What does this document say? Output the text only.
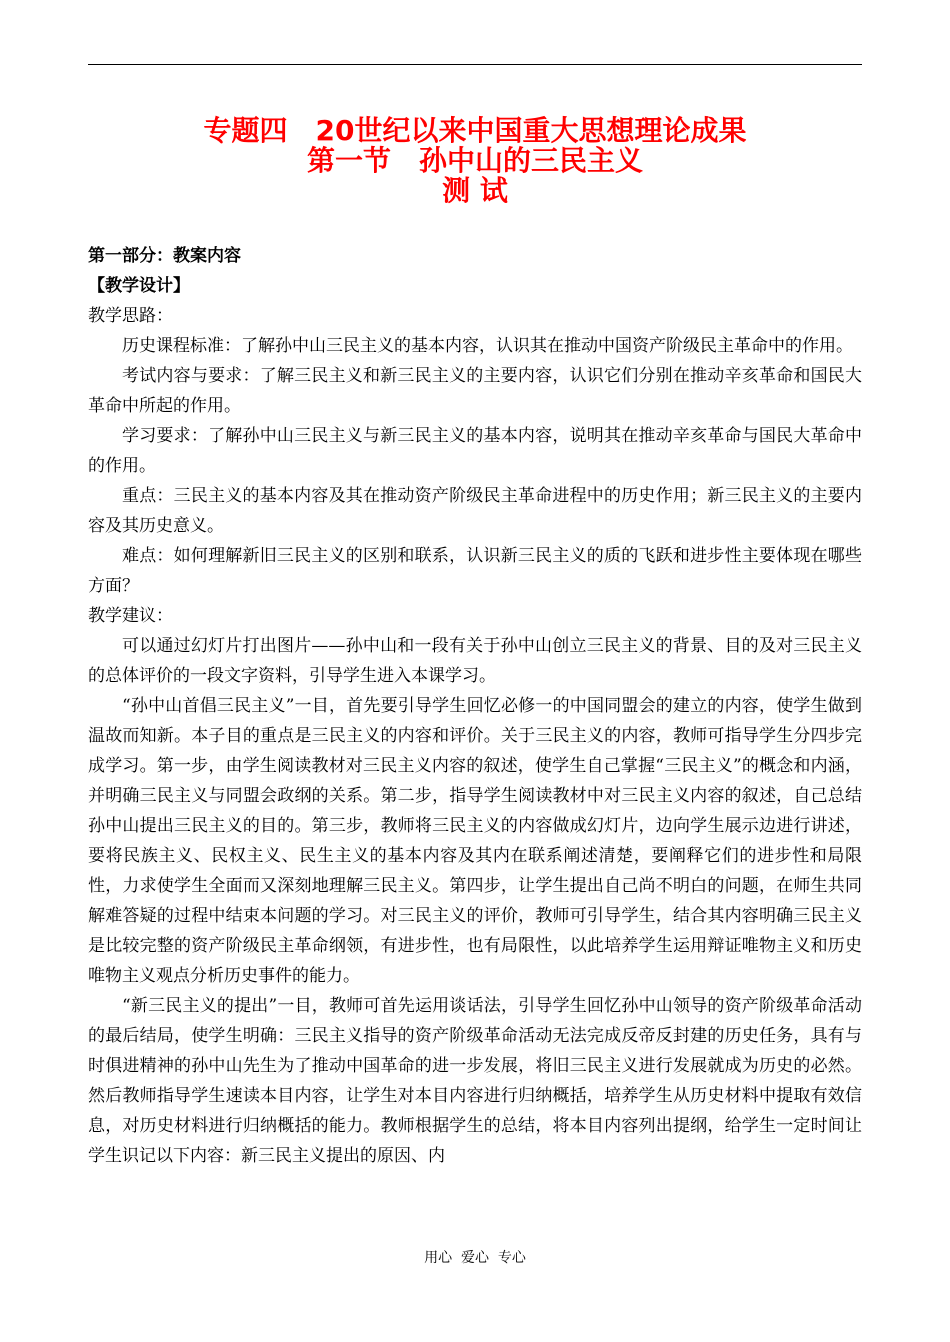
专题四　20世纪以来中国重大思想理论成果
第一节　孙中山的三民主义
测 试

第一部分：教案内容

【教学设计】

教学思路：

历史课程标准：了解孙中山三民主义的基本内容，认识其在推动中国资产阶级民主革命中的作用。

考试内容与要求：了解三民主义和新三民主义的主要内容，认识它们分别在推动辛亥革命和国民大革命中所起的作用。

学习要求：了解孙中山三民主义与新三民主义的基本内容，说明其在推动辛亥革命与国民大革命中的作用。

重点：三民主义的基本内容及其在推动资产阶级民主革命进程中的历史作用；新三民主义的主要内容及其历史意义。

难点：如何理解新旧三民主义的区别和联系，认识新三民主义的质的飞跃和进步性主要体现在哪些方面？

教学建议：

可以通过幻灯片打出图片——孙中山和一段有关于孙中山创立三民主义的背景、目的及对三民主义的总体评价的一段文字资料，引导学生进入本课学习。

“孙中山首倡三民主义”一目，首先要引导学生回忆必修一的中国同盟会的建立的内容，使学生做到温故而知新。本子目的重点是三民主义的内容和评价。关于三民主义的内容，教师可指导学生分四步完成学习。第一步，由学生阅读教材对三民主义内容的叙述，使学生自己掌握“三民主义”的概念和内涵，并明确三民主义与同盟会政纲的关系。第二步，指导学生阅读教材中对三民主义内容的叙述，自己总结孙中山提出三民主义的目的。第三步，教师将三民主义的内容做成幻灯片，边向学生展示边进行讲述，要将民族主义、民权主义、民生主义的基本内容及其内在联系阐述清楚，要阐释它们的进步性和局限性，力求使学生全面而又深刻地理解三民主义。第四步，让学生提出自己尚不明白的问题，在师生共同解难答疑的过程中结束本问题的学习。对三民主义的评价，教师可引导学生，结合其内容明确三民主义是比较完整的资产阶级民主革命纲领，有进步性，也有局限性，以此培养学生运用辩证唯物主义和历史唯物主义观点分析历史事件的能力。

“新三民主义的提出”一目，教师可首先运用谈话法，引导学生回忆孙中山领导的资产阶级革命活动的最后结局，使学生明确：三民主义指导的资产阶级革命活动无法完成反帝反封建的历史任务，具有与时俱进精神的孙中山先生为了推动中国革命的进一步发展，将旧三民主义进行发展就成为历史的必然。然后教师指导学生速读本目内容，让学生对本目内容进行归纳概括，培养学生从历史材料中提取有效信息，对历史材料进行归纳概括的能力。教师根据学生的总结，将本目内容列出提纲，给学生一定时间让学生识记以下内容：新三民主义提出的原因、内

用心  爱心  专心
